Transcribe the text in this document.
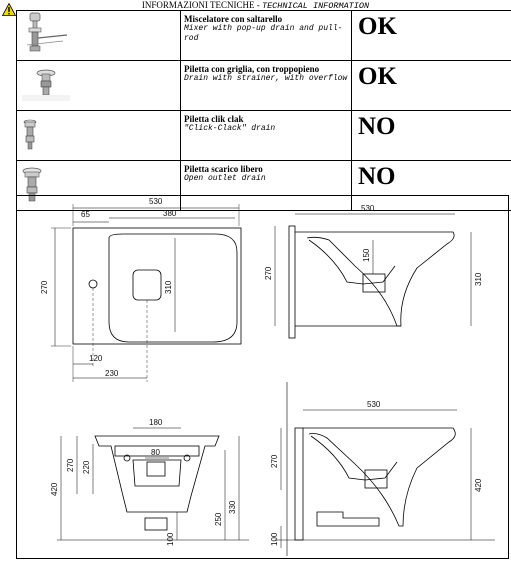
INFORMAZIONI TECNICHE - TECHNICAL INFORMATION

Miscelatore con saltarello
Mixer with pop-up drain and pull-rod	OK

Piletta con griglia, con troppopieno
Drain with strainer, with overflow	OK

Piletta clik clak
"Click-Clack" drain	NO

Piletta scarico libero
Open outlet drain	NO
530
65	380
270	310
120
230
530
150
270	310
180
80
270 220
420
250
330
100
530
270
420
100
